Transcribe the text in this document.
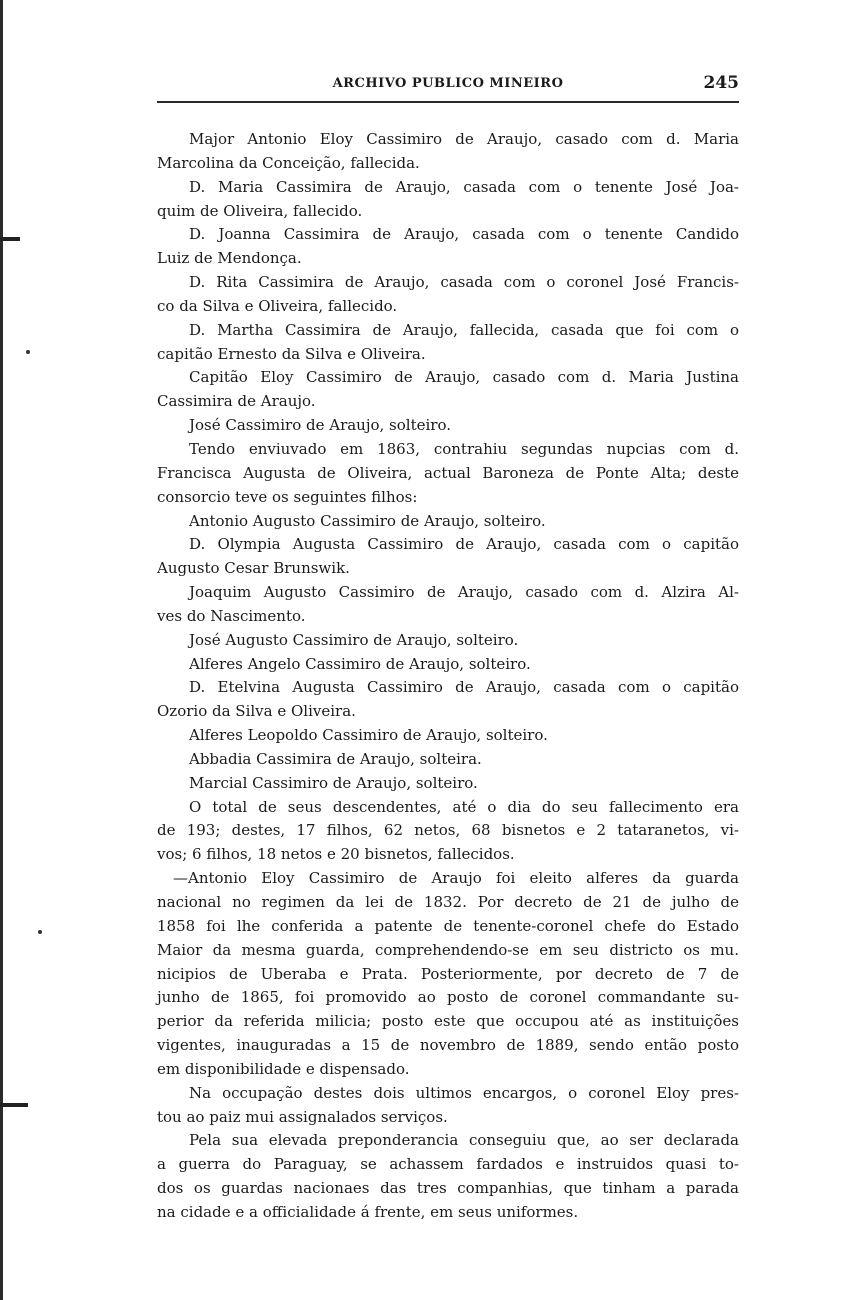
ARCHIVO PUBLICO MINEIRO	245
Major Antonio Eloy Cassimiro de Araujo, casado com d. Maria
Marcolina da Conceição, fallecida.
D. Maria Cassimira de Araujo, casada com o tenente José Joa-
quim de Oliveira, fallecido.
D. Joanna Cassimira de Araujo, casada com o tenente Candido
Luiz de Mendonça.
D. Rita Cassimira de Araujo, casada com o coronel José Francis-
co da Silva e Oliveira, fallecido.
D. Martha Cassimira de Araujo, fallecida, casada que foi com o
capitão Ernesto da Silva e Oliveira.
Capitão Eloy Cassimiro de Araujo, casado com d. Maria Justina
Cassimira de Araujo.
José Cassimiro de Araujo, solteiro.
Tendo enviuvado em 1863, contrahiu segundas nupcias com d.
Francisca Augusta de Oliveira, actual Baroneza de Ponte Alta; deste
consorcio teve os seguintes filhos:
Antonio Augusto Cassimiro de Araujo, solteiro.
D. Olympia Augusta Cassimiro de Araujo, casada com o capitão
Augusto Cesar Brunswik.
Joaquim Augusto Cassimiro de Araujo, casado com d. Alzira Al-
ves do Nascimento.
José Augusto Cassimiro de Araujo, solteiro.
Alferes Angelo Cassimiro de Araujo, solteiro.
D. Etelvina Augusta Cassimiro de Araujo, casada com o capitão
Ozorio da Silva e Oliveira.
Alferes Leopoldo Cassimiro de Araujo, solteiro.
Abbadia Cassimira de Araujo, solteira.
Marcial Cassimiro de Araujo, solteiro.
O total de seus descendentes, até o dia do seu fallecimento era
de 193; destes, 17 filhos, 62 netos, 68 bisnetos e 2 tataranetos, vi-
vos; 6 filhos, 18 netos e 20 bisnetos, fallecidos.
—Antonio Eloy Cassimiro de Araujo foi eleito alferes da guarda
nacional no regimen da lei de 1832. Por decreto de 21 de julho de
1858 foi lhe conferida a patente de tenente-coronel chefe do Estado
Maior da mesma guarda, comprehendendo-se em seu districto os mu.
nicipios de Uberaba e Prata. Posteriormente, por decreto de 7 de
junho de 1865, foi promovido ao posto de coronel commandante su-
perior da referida milicia; posto este que occupou até as instituições
vigentes, inauguradas a 15 de novembro de 1889, sendo então posto
em disponibilidade e dispensado.
Na occupação destes dois ultimos encargos, o coronel Eloy pres-
tou ao paiz mui assignalados serviços.
Pela sua elevada preponderancia conseguiu que, ao ser declarada
a guerra do Paraguay, se achassem fardados e instruidos quasi to-
dos os guardas nacionaes das tres companhias, que tinham a parada
na cidade e a officialidade á frente, em seus uniformes.
